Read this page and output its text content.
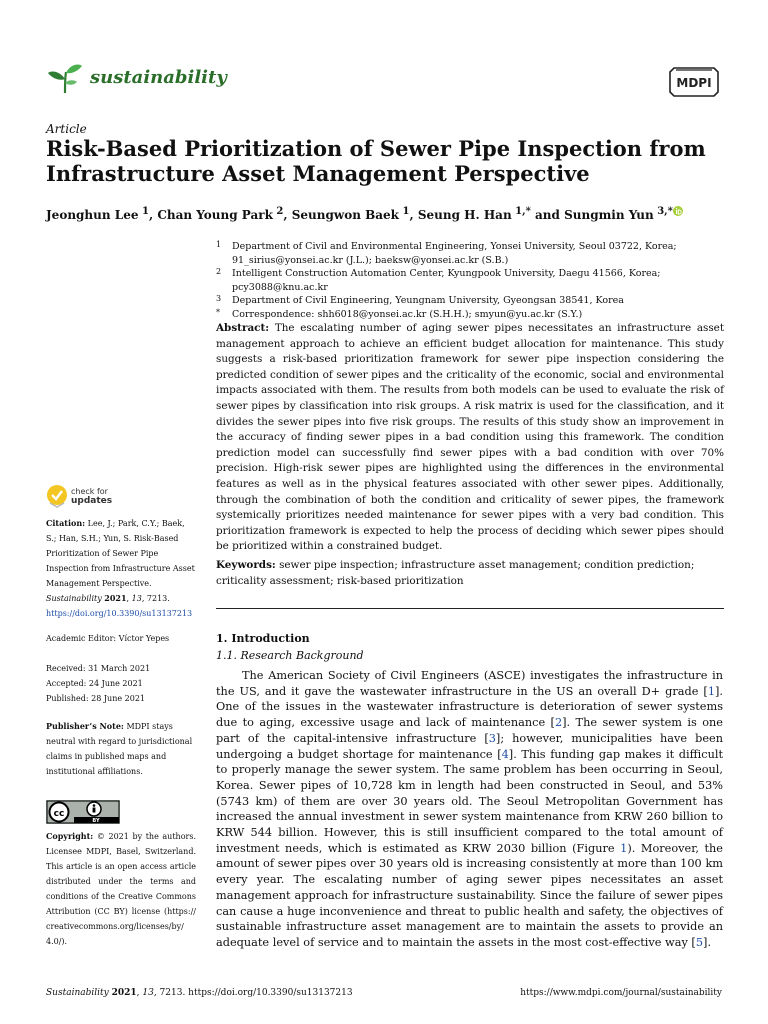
sustainability	MDPI
Article
Risk-Based Prioritization of Sewer Pipe Inspection from Infrastructure Asset Management Perspective
Jeonghun Lee $^1$, Chan Young Park $^2$, Seungwon Baek $^1$, Seung H. Han $^{1,*}$ and Sungmin Yun $^{3,*}$
1 Department of Civil and Environmental Engineering, Yonsei University, Seoul 03722, Korea; 91_sirius@yonsei.ac.kr (J.L.); baeksw@yonsei.ac.kr (S.B.)
2 Intelligent Construction Automation Center, Kyungpook University, Daegu 41566, Korea; pcy3088@knu.ac.kr
3 Department of Civil Engineering, Yeungnam University, Gyeongsan 38541, Korea
* Correspondence: shh6018@yonsei.ac.kr (S.H.H.); smyun@yu.ac.kr (S.Y.)

Abstract: The escalating number of aging sewer pipes necessitates an infrastructure asset management approach to achieve an efficient budget allocation for maintenance. This study suggests a risk-based prioritization framework for sewer pipe inspection considering the predicted condition of sewer pipes and the criticality of the economic, social and environmental impacts associated with them. The results from both models can be used to evaluate the risk of sewer pipes by classification into risk groups. A risk matrix is used for the classification, and it divides the sewer pipes into five risk groups. The results of this study show an improvement in the accuracy of finding sewer pipes in a bad condition using this framework. The condition prediction model can successfully find sewer pipes with a bad condition with over 70% precision. High-risk sewer pipes are highlighted using the differences in the environmental features as well as in the physical features associated with other sewer pipes. Additionally, through the combination of both the condition and criticality of sewer pipes, the framework systemically prioritizes needed maintenance for sewer pipes with a very bad condition. This prioritization framework is expected to help the process of deciding which sewer pipes should be prioritized within a constrained budget.

Keywords: sewer pipe inspection; infrastructure asset management; condition prediction; criticality assessment; risk-based prioritization

check for
updates
Citation: Lee, J.; Park, C.Y.; Baek, S.; Han, S.H.; Yun, S. Risk-Based Prioritization of Sewer Pipe Inspection from Infrastructure Asset Management Perspective. Sustainability 2021, 13, 7213. https://doi.org/10.3390/su13137213
Academic Editor: Víctor Yepes
Received: 31 March 2021
Accepted: 24 June 2021
Published: 28 June 2021
Publisher’s Note: MDPI stays neutral with regard to jurisdictional claims in published maps and institutional affiliations.
cc
BY
Copyright: © 2021 by the authors. Licensee MDPI, Basel, Switzerland. This article is an open access article distributed under the terms and conditions of the Creative Commons Attribution (CC BY) license (https:// creativecommons.org/licenses/by/ 4.0/).
1. Introduction
1.1. Research Background

The American Society of Civil Engineers (ASCE) investigates the infrastructure in the US, and it gave the wastewater infrastructure in the US an overall D+ grade [1]. One of the issues in the wastewater infrastructure is deterioration of sewer systems due to aging, excessive usage and lack of maintenance [2]. The sewer system is one part of the capital-intensive infrastructure [3]; however, municipalities have been undergoing a budget shortage for maintenance [4]. This funding gap makes it difficult to properly manage the sewer system. The same problem has been occurring in Seoul, Korea. Sewer pipes of 10,728 km in length had been constructed in Seoul, and 53% (5743 km) of them are over 30 years old. The Seoul Metropolitan Government has increased the annual investment in sewer system maintenance from KRW 260 billion to KRW 544 billion. However, this is still insufficient compared to the total amount of investment needs, which is estimated as KRW 2030 billion (Figure 1). Moreover, the amount of sewer pipes over 30 years old is increasing consistently at more than 100 km every year. The escalating number of aging sewer pipes necessitates an asset management approach for infrastructure sustainability. Since the failure of sewer pipes can cause a huge inconvenience and threat to public health and safety, the objectives of sustainable infrastructure asset management are to maintain the assets to provide an adequate level of service and to maintain the assets in the most cost-effective way [5].

Sustainability 2021, 13, 7213. https://doi.org/10.3390/su13137213	https://www.mdpi.com/journal/sustainability
